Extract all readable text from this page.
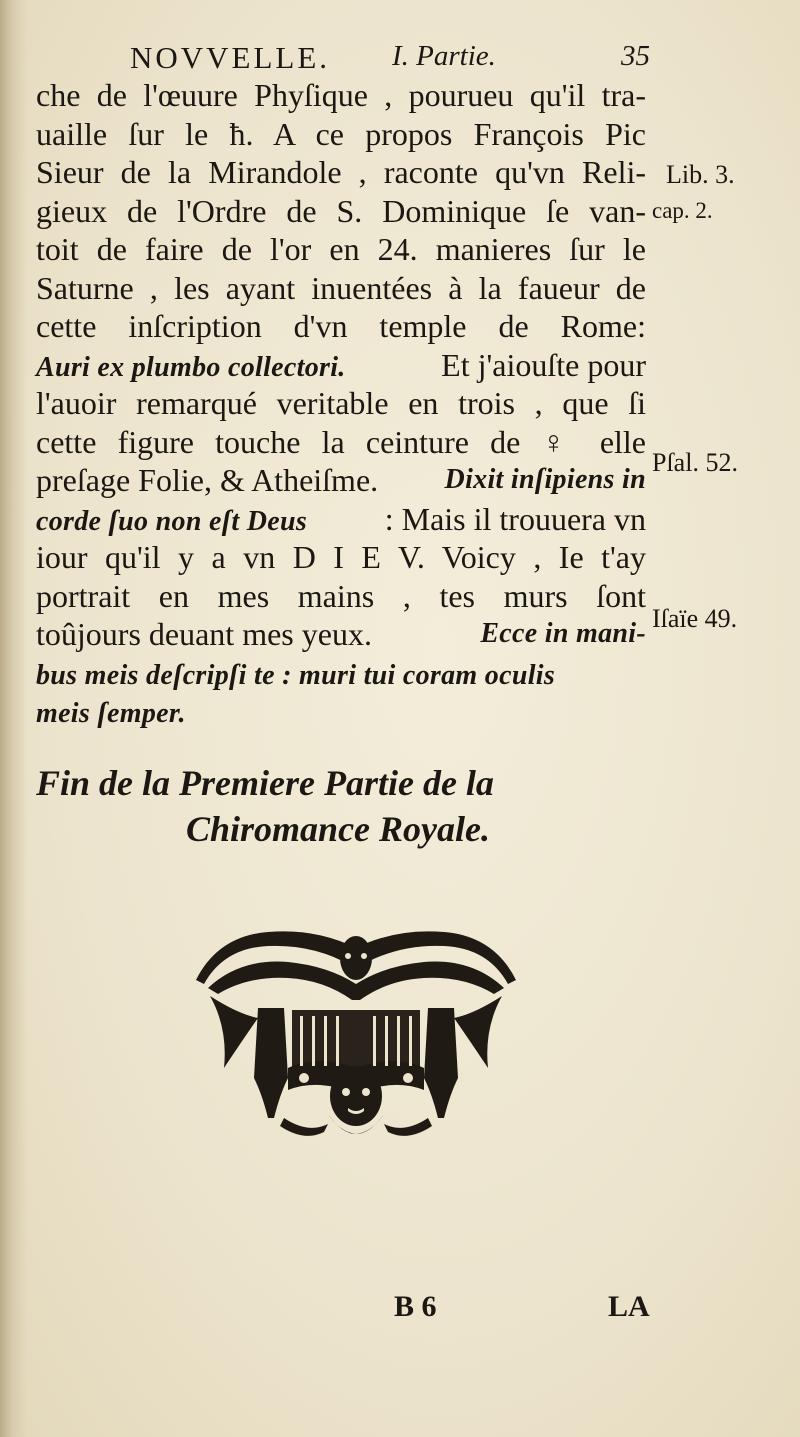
NOVVELLE. I. Partie.	35
che de l'œuure Phyſique , pourueu qu'il tra-
uaille ſur le ħ. A ce propos François Pic
Sieur de la Mirandole , raconte qu'vn Reli-
gieux de l'Ordre de S. Dominique ſe van-
toit de faire de l'or en 24. manieres ſur le
Saturne , les ayant inuentées à la faueur de
cette inſcription d'vn temple de Rome:
Auri ex plumbo collectori.	Et j'aiouſte pour
l'auoir remarqué veritable en trois , que ſi
cette figure touche la ceinture de ♀ elle
preſage Folie, & Atheiſme. Dixit inſipiens in
corde ſuo non eſt Deus : Mais il trouuera vn
iour qu'il y a vn D I E V. Voicy , Ie t'ay
portrait en mes mains , tes murs ſont
toûjours deuant mes yeux.	Ecce in mani-
bus meis deſcripſi te : muri tui coram oculis
meis ſemper.
Lib. 3.
cap. 2.
Pſal. 52.
Iſaïe 49.
Fin de la Premiere Partie de la
Chiromance Royale.
B 6	LA
